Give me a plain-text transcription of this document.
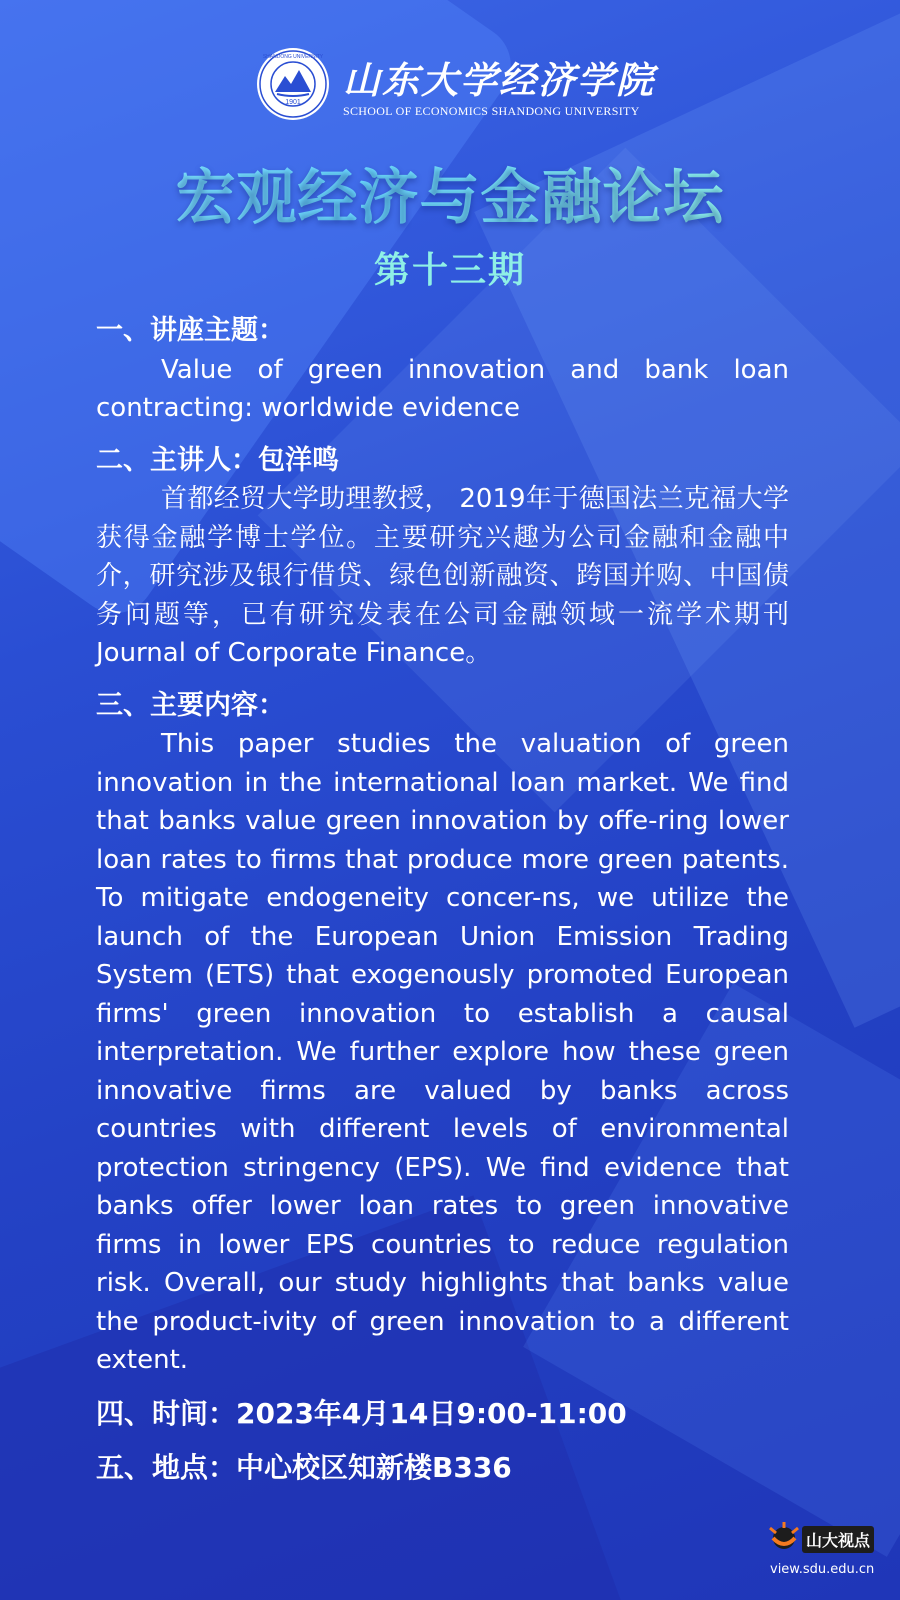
1901
SHANDONG UNIVERSITY
山东大学经济学院
SCHOOL OF ECONOMICS SHANDONG UNIVERSITY
宏观经济与金融论坛
第十三期
一、讲座主题：
Value of green innovation and bank loan contracting: worldwide evidence
二、主讲人：包洋鸣
首都经贸大学助理教授， 2019年于德国法兰克福大学获得金融学博士学位。主要研究兴趣为公司金融和金融中介，研究涉及银行借贷、绿色创新融资、跨国并购、中国债务问题等，已有研究发表在公司金融领域一流学术期刊Journal of Corporate Finance。
三、主要内容：
This paper studies the valuation of green innovation in the international loan market. We find that banks value green innovation by offe-ring lower loan rates to firms that produce more green patents. To mitigate endogeneity concer-ns, we utilize the launch of the European Union Emission Trading System (ETS) that exogenously promoted European firms' green innovation to establish a causal interpretation. We further explore how these green innovative firms are valued by banks across countries with different levels of environmental protection stringency (EPS). We find evidence that banks offer lower loan rates to green innovative firms in lower EPS countries to reduce regulation risk. Overall, our study highlights that banks value the product-ivity of green innovation to a different extent.
四、时间：2023年4月14日9:00-11:00
五、地点：中心校区知新楼B336
山大视点
view.sdu.edu.cn
